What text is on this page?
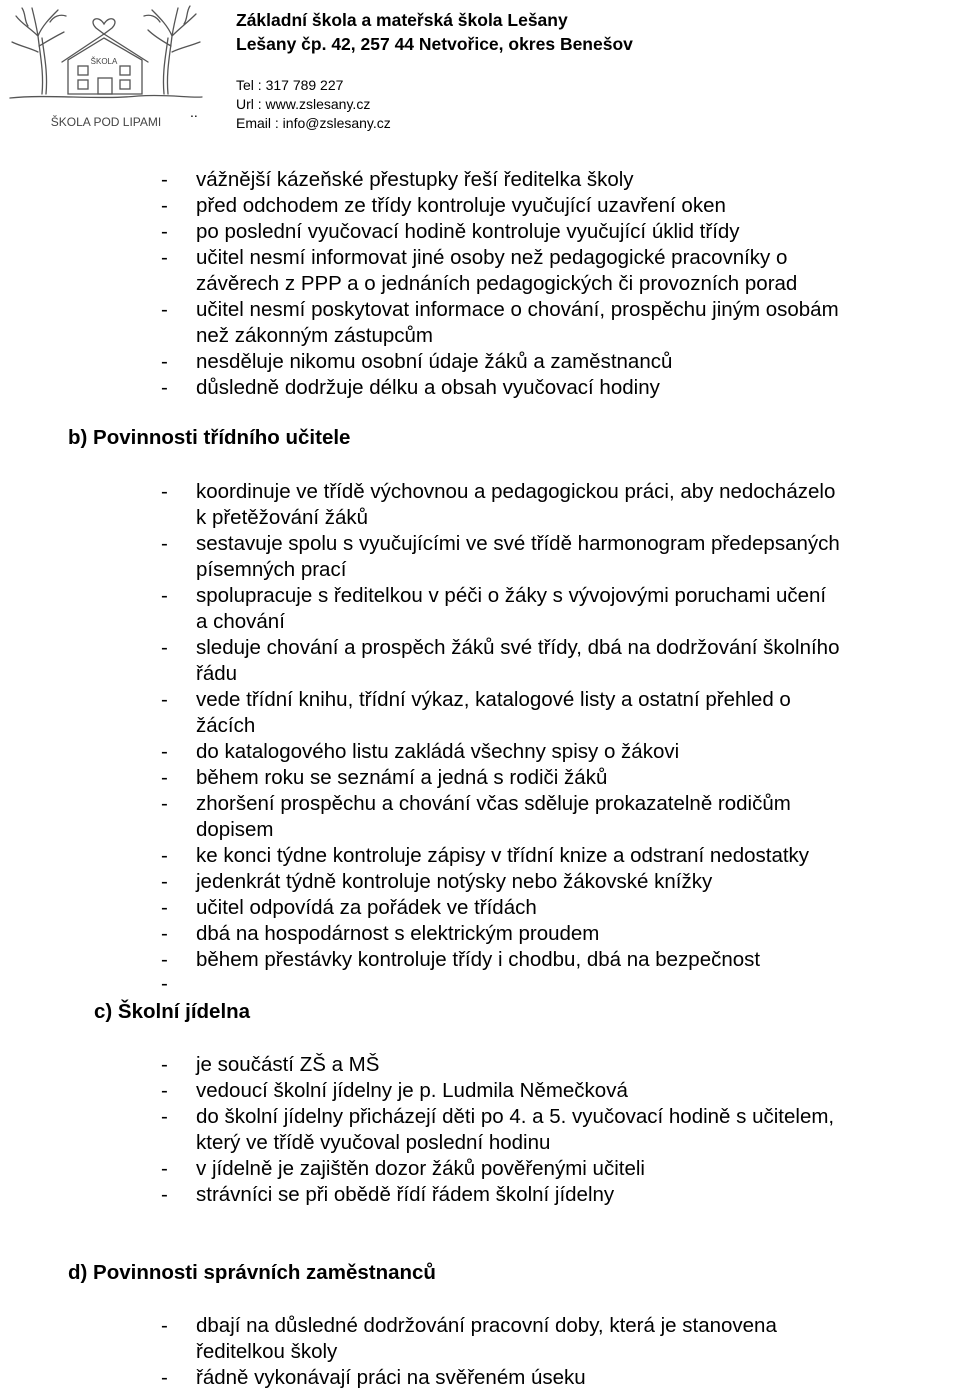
ŠKOLA
ŠKOLA POD LIPAMI
Základní škola a mateřská škola Lešany
Lešany čp. 42, 257 44 Netvořice, okres Benešov
Tel : 317 789 227
Url : www.zslesany.cz
Email : info@zslesany.cz
..
- vážnější kázeňské přestupky řeší ředitelka školy
- před odchodem ze třídy kontroluje vyučující uzavření oken
- po poslední vyučovací hodině kontroluje vyučující úklid třídy
- učitel nesmí informovat jiné osoby než pedagogické pracovníky o
závěrech z PPP a o jednáních pedagogických či provozních porad
- učitel nesmí poskytovat informace o chování, prospěchu jiným osobám
než zákonným zástupcům
- nesděluje nikomu osobní údaje žáků a zaměstnanců
- důsledně dodržuje délku a obsah vyučovací hodiny
b) Povinnosti třídního učitele
- koordinuje ve třídě výchovnou a pedagogickou práci, aby nedocházelo
k přetěžování žáků
- sestavuje spolu s vyučujícími ve své třídě harmonogram předepsaných
písemných prací
- spolupracuje s ředitelkou v péči o žáky s vývojovými poruchami učení
a chování
- sleduje chování a prospěch žáků své třídy, dbá na dodržování školního
řádu
- vede třídní knihu, třídní výkaz, katalogové listy a ostatní přehled o
žácích
- do katalogového listu zakládá všechny spisy o žákovi
- během roku se seznámí a jedná s rodiči žáků
- zhoršení prospěchu a chování včas sděluje prokazatelně rodičům
dopisem
- ke konci týdne kontroluje zápisy v třídní knize a odstraní nedostatky
- jedenkrát týdně kontroluje notýsky nebo žákovské knížky
- učitel odpovídá za pořádek ve třídách
- dbá na hospodárnost s elektrickým proudem
- během přestávky kontroluje třídy i chodbu, dbá na bezpečnost
-
c) Školní jídelna
- je součástí ZŠ a MŠ
- vedoucí školní jídelny je p. Ludmila Němečková
- do školní jídelny přicházejí děti po 4. a 5. vyučovací hodině s učitelem,
který ve třídě vyučoval poslední hodinu
- v jídelně je zajištěn dozor žáků pověřenými učiteli
- strávníci se při obědě řídí řádem školní jídelny
d) Povinnosti správních zaměstnanců
- dbají na důsledné dodržování pracovní doby, která je stanovena
ředitelkou školy
- řádně vykonávají práci na svěřeném úseku
